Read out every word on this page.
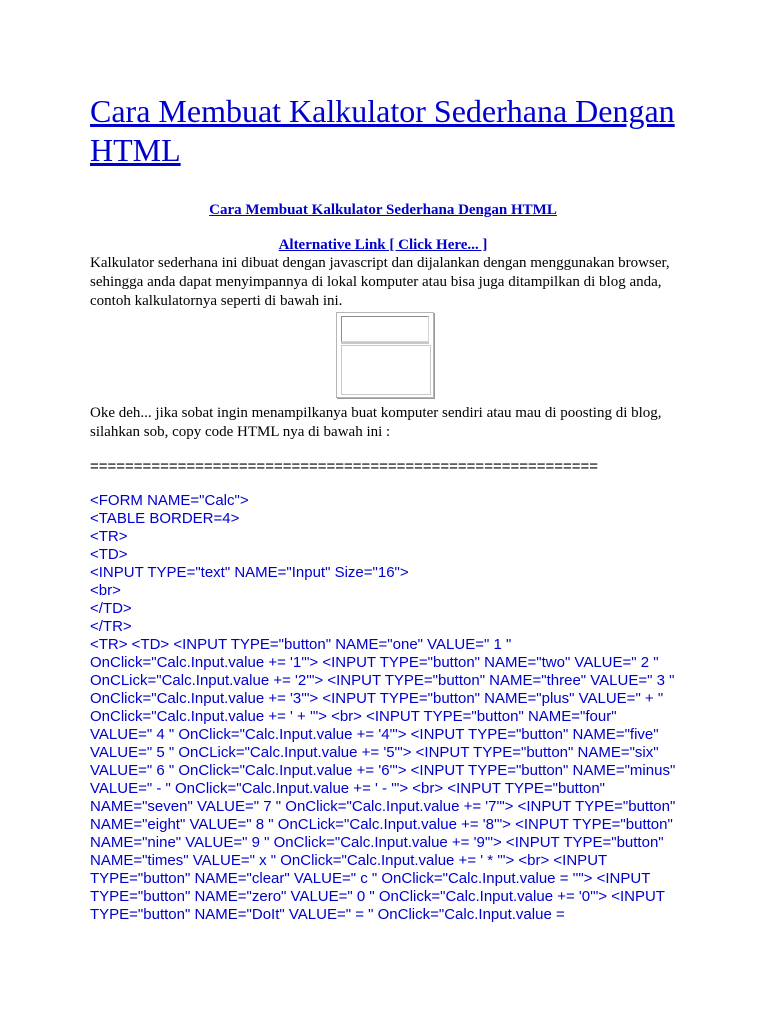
Cara Membuat Kalkulator Sederhana Dengan HTML
Cara Membuat Kalkulator Sederhana Dengan HTML
Alternative Link [ Click Here... ]
Kalkulator sederhana ini dibuat dengan javascript dan dijalankan dengan menggunakan browser, sehingga anda dapat menyimpannya di lokal komputer atau bisa juga ditampilkan di blog anda, contoh kalkulatornya seperti di bawah ini.
Oke deh... jika sobat ingin menampilkanya buat komputer sendiri atau mau di poosting di blog, silahkan sob, copy code HTML nya di bawah ini :
==========================================================
<FORM NAME="Calc">
<TABLE BORDER=4>
<TR>
<TD>
<INPUT TYPE="text" NAME="Input" Size="16">
<br>
</TD>
</TR>
<TR> <TD> <INPUT TYPE="button" NAME="one" VALUE=" 1 " OnClick="Calc.Input.value += '1'"> <INPUT TYPE="button" NAME="two" VALUE=" 2 " OnCLick="Calc.Input.value += '2'"> <INPUT TYPE="button" NAME="three" VALUE=" 3 " OnClick="Calc.Input.value += '3'"> <INPUT TYPE="button" NAME="plus" VALUE=" + " OnClick="Calc.Input.value += ' + '"> <br> <INPUT TYPE="button" NAME="four" VALUE=" 4 " OnClick="Calc.Input.value += '4'"> <INPUT TYPE="button" NAME="five" VALUE=" 5 " OnCLick="Calc.Input.value += '5'"> <INPUT TYPE="button" NAME="six" VALUE=" 6 " OnClick="Calc.Input.value += '6'"> <INPUT TYPE="button" NAME="minus" VALUE=" - " OnClick="Calc.Input.value += ' - '"> <br> <INPUT TYPE="button" NAME="seven" VALUE=" 7 " OnClick="Calc.Input.value += '7'"> <INPUT TYPE="button" NAME="eight" VALUE=" 8 " OnCLick="Calc.Input.value += '8'"> <INPUT TYPE="button" NAME="nine" VALUE=" 9 " OnClick="Calc.Input.value += '9'"> <INPUT TYPE="button" NAME="times" VALUE=" x " OnClick="Calc.Input.value += ' * '"> <br> <INPUT TYPE="button" NAME="clear" VALUE=" c " OnClick="Calc.Input.value = ''"> <INPUT TYPE="button" NAME="zero" VALUE=" 0 " OnClick="Calc.Input.value += '0'"> <INPUT TYPE="button" NAME="DoIt" VALUE=" = " OnClick="Calc.Input.value =
